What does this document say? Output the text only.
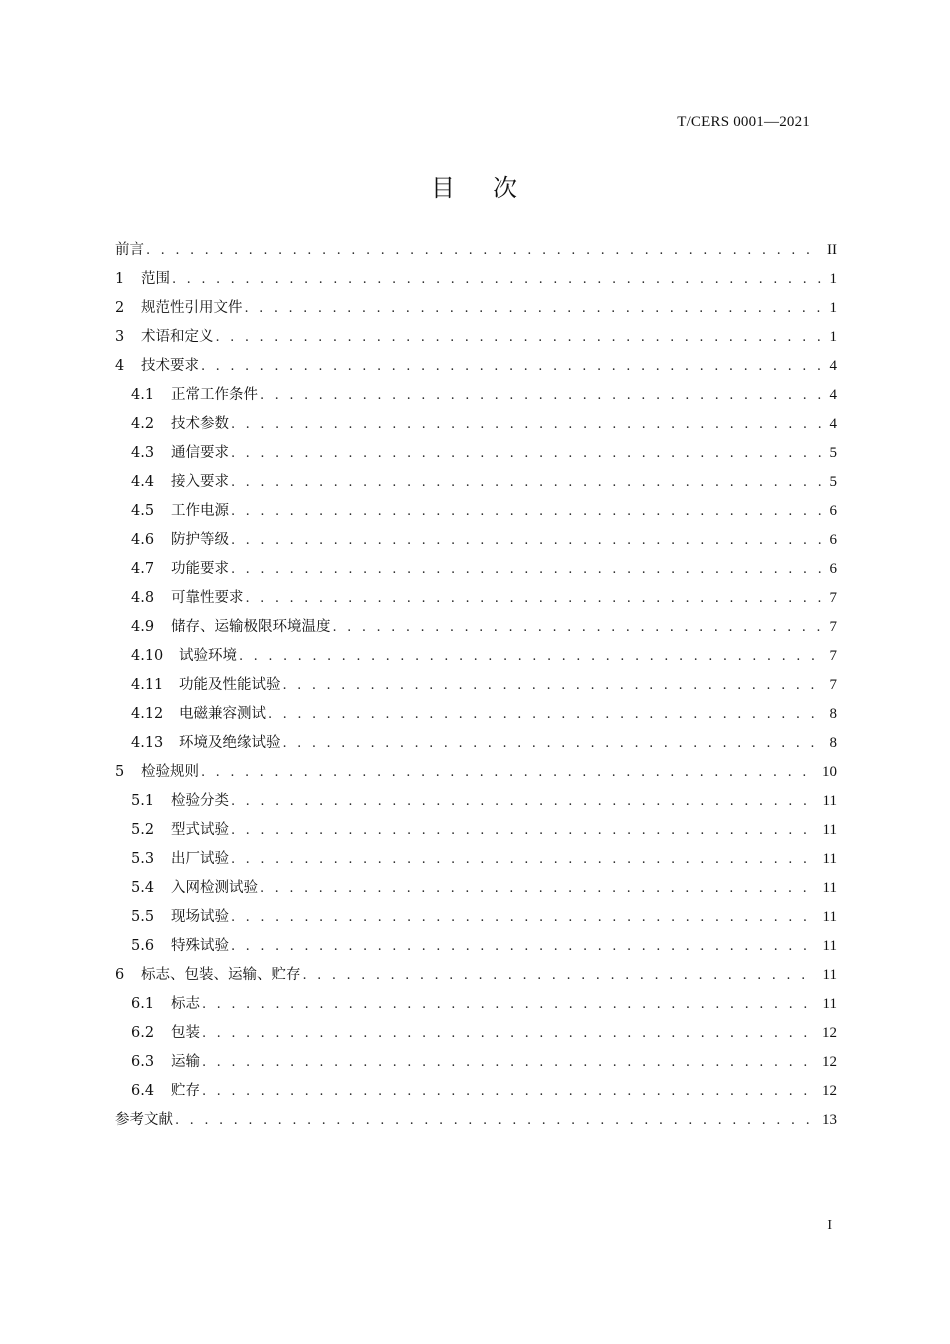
T/CERS 0001—2021
目 次
前言 . . .	II
1	范围 . . .	1
2	规范性引用文件 . . .	1
3	术语和定义 . . .	1
4	技术要求 . . .	4
4.1	正常工作条件 . . .	4
4.2	技术参数 . . .	4
4.3	通信要求 . . .	5
4.4	接入要求 . . .	5
4.5	工作电源 . . .	6
4.6	防护等级 . . .	6
4.7	功能要求 . . .	6
4.8	可靠性要求 . . .	7
4.9	储存、运输极限环境温度 . . .	7
4.10	试验环境 . . .	7
4.11	功能及性能试验 . . .	7
4.12	电磁兼容测试 . . .	8
4.13	环境及绝缘试验 . . .	8
5	检验规则 . . .	10
5.1	检验分类 . . .	11
5.2	型式试验 . . .	11
5.3	出厂试验 . . .	11
5.4	入网检测试验 . . .	11
5.5	现场试验 . . .	11
5.6	特殊试验 . . .	11
6	标志、包装、运输、贮存 . . .	11
6.1	标志 . . .	11
6.2	包装 . . .	12
6.3	运输 . . .	12
6.4	贮存 . . .	12
参考文献 . . .	13
I
